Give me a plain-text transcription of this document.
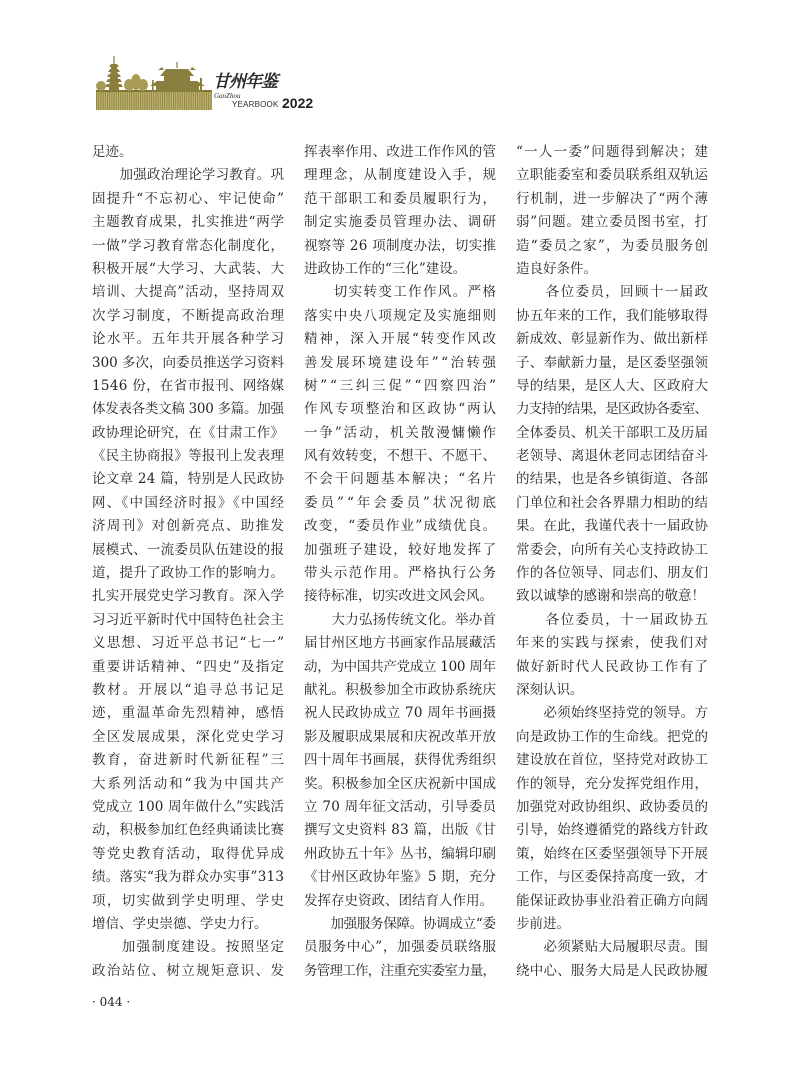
甘州年鉴
GanZhou
YEARBOOK 2022
足迹。
　　加强政治理论学习教育。巩
固提升“不忘初心、牢记使命”
主题教育成果，扎实推进“两学
一做”学习教育常态化制度化，
积极开展“大学习、大武装、大
培训、大提高”活动，坚持周双
次学习制度，不断提高政治理
论水平。五年共开展各种学习
300 多次，向委员推送学习资料
1546 份，在省市报刊、网络媒
体发表各类文稿 300 多篇。加强
政协理论研究，在《甘肃工作》
《民主协商报》等报刊上发表理
论文章 24 篇，特别是人民政协
网、《中国经济时报》《中国经
济周刊》对创新亮点、助推发
展模式、一流委员队伍建设的报
道，提升了政协工作的影响力。
扎实开展党史学习教育。深入学
习习近平新时代中国特色社会主
义思想、习近平总书记“七一”
重要讲话精神、“四史”及指定
教材。开展以“追寻总书记足
迹，重温革命先烈精神，感悟
全区发展成果，深化党史学习
教育，奋进新时代新征程”三
大系列活动和“我为中国共产
党成立 100 周年做什么”实践活
动，积极参加红色经典诵读比赛
等党史教育活动，取得优异成
绩。落实“我为群众办实事”313
项，切实做到学史明理、学史
增信、学史崇德、学史力行。
　　加强制度建设。按照坚定
政治站位、树立规矩意识、发
挥表率作用、改进工作作风的管
理理念，从制度建设入手，规
范干部职工和委员履职行为，
制定实施委员管理办法、调研
视察等 26 项制度办法，切实推
进政协工作的“三化”建设。
　　切实转变工作作风。严格
落实中央八项规定及实施细则
精神，深入开展“转变作风改
善发展环境建设年”“治转强
树”“三纠三促”“四察四治”
作风专项整治和区政协“两认
一争”活动，机关散漫慵懒作
风有效转变，不想干、不愿干、
不会干问题基本解决；“名片
委员”“年会委员”状况彻底
改变，“委员作业”成绩优良。
加强班子建设，较好地发挥了
带头示范作用。严格执行公务
接待标准，切实改进文风会风。
　　大力弘扬传统文化。举办首
届甘州区地方书画家作品展藏活
动，为中国共产党成立 100 周年
献礼。积极参加全市政协系统庆
祝人民政协成立 70 周年书画摄
影及履职成果展和庆祝改革开放
四十周年书画展，获得优秀组织
奖。积极参加全区庆祝新中国成
立 70 周年征文活动，引导委员
撰写文史资料 83 篇，出版《甘
州政协五十年》丛书，编辑印刷
《甘州区政协年鉴》5 期，充分
发挥存史资政、团结育人作用。
　　加强服务保障。协调成立“委
员服务中心”，加强委员联络服
务管理工作，注重充实委室力量，
“一人一委”问题得到解决；建
立职能委室和委员联系组双轨运
行机制，进一步解决了“两个薄
弱”问题。建立委员图书室，打
造“委员之家”，为委员服务创
造良好条件。
　　各位委员，回顾十一届政
协五年来的工作，我们能够取得
新成效、彰显新作为、做出新样
子、奉献新力量，是区委坚强领
导的结果，是区人大、区政府大
力支持的结果，是区政协各委室、
全体委员、机关干部职工及历届
老领导、离退休老同志团结奋斗
的结果，也是各乡镇街道、各部
门单位和社会各界鼎力相助的结
果。在此，我谨代表十一届政协
常委会，向所有关心支持政协工
作的各位领导、同志们、朋友们
致以诚挚的感谢和崇高的敬意！
　　各位委员，十一届政协五
年来的实践与探索，使我们对
做好新时代人民政协工作有了
深刻认识。
　　必须始终坚持党的领导。方
向是政协工作的生命线。把党的
建设放在首位，坚持党对政协工
作的领导，充分发挥党组作用，
加强党对政协组织、政协委员的
引导，始终遵循党的路线方针政
策，始终在区委坚强领导下开展
工作，与区委保持高度一致，才
能保证政协事业沿着正确方向阔
步前进。
　　必须紧贴大局履职尽责。围
绕中心、服务大局是人民政协履
· 044 ·
